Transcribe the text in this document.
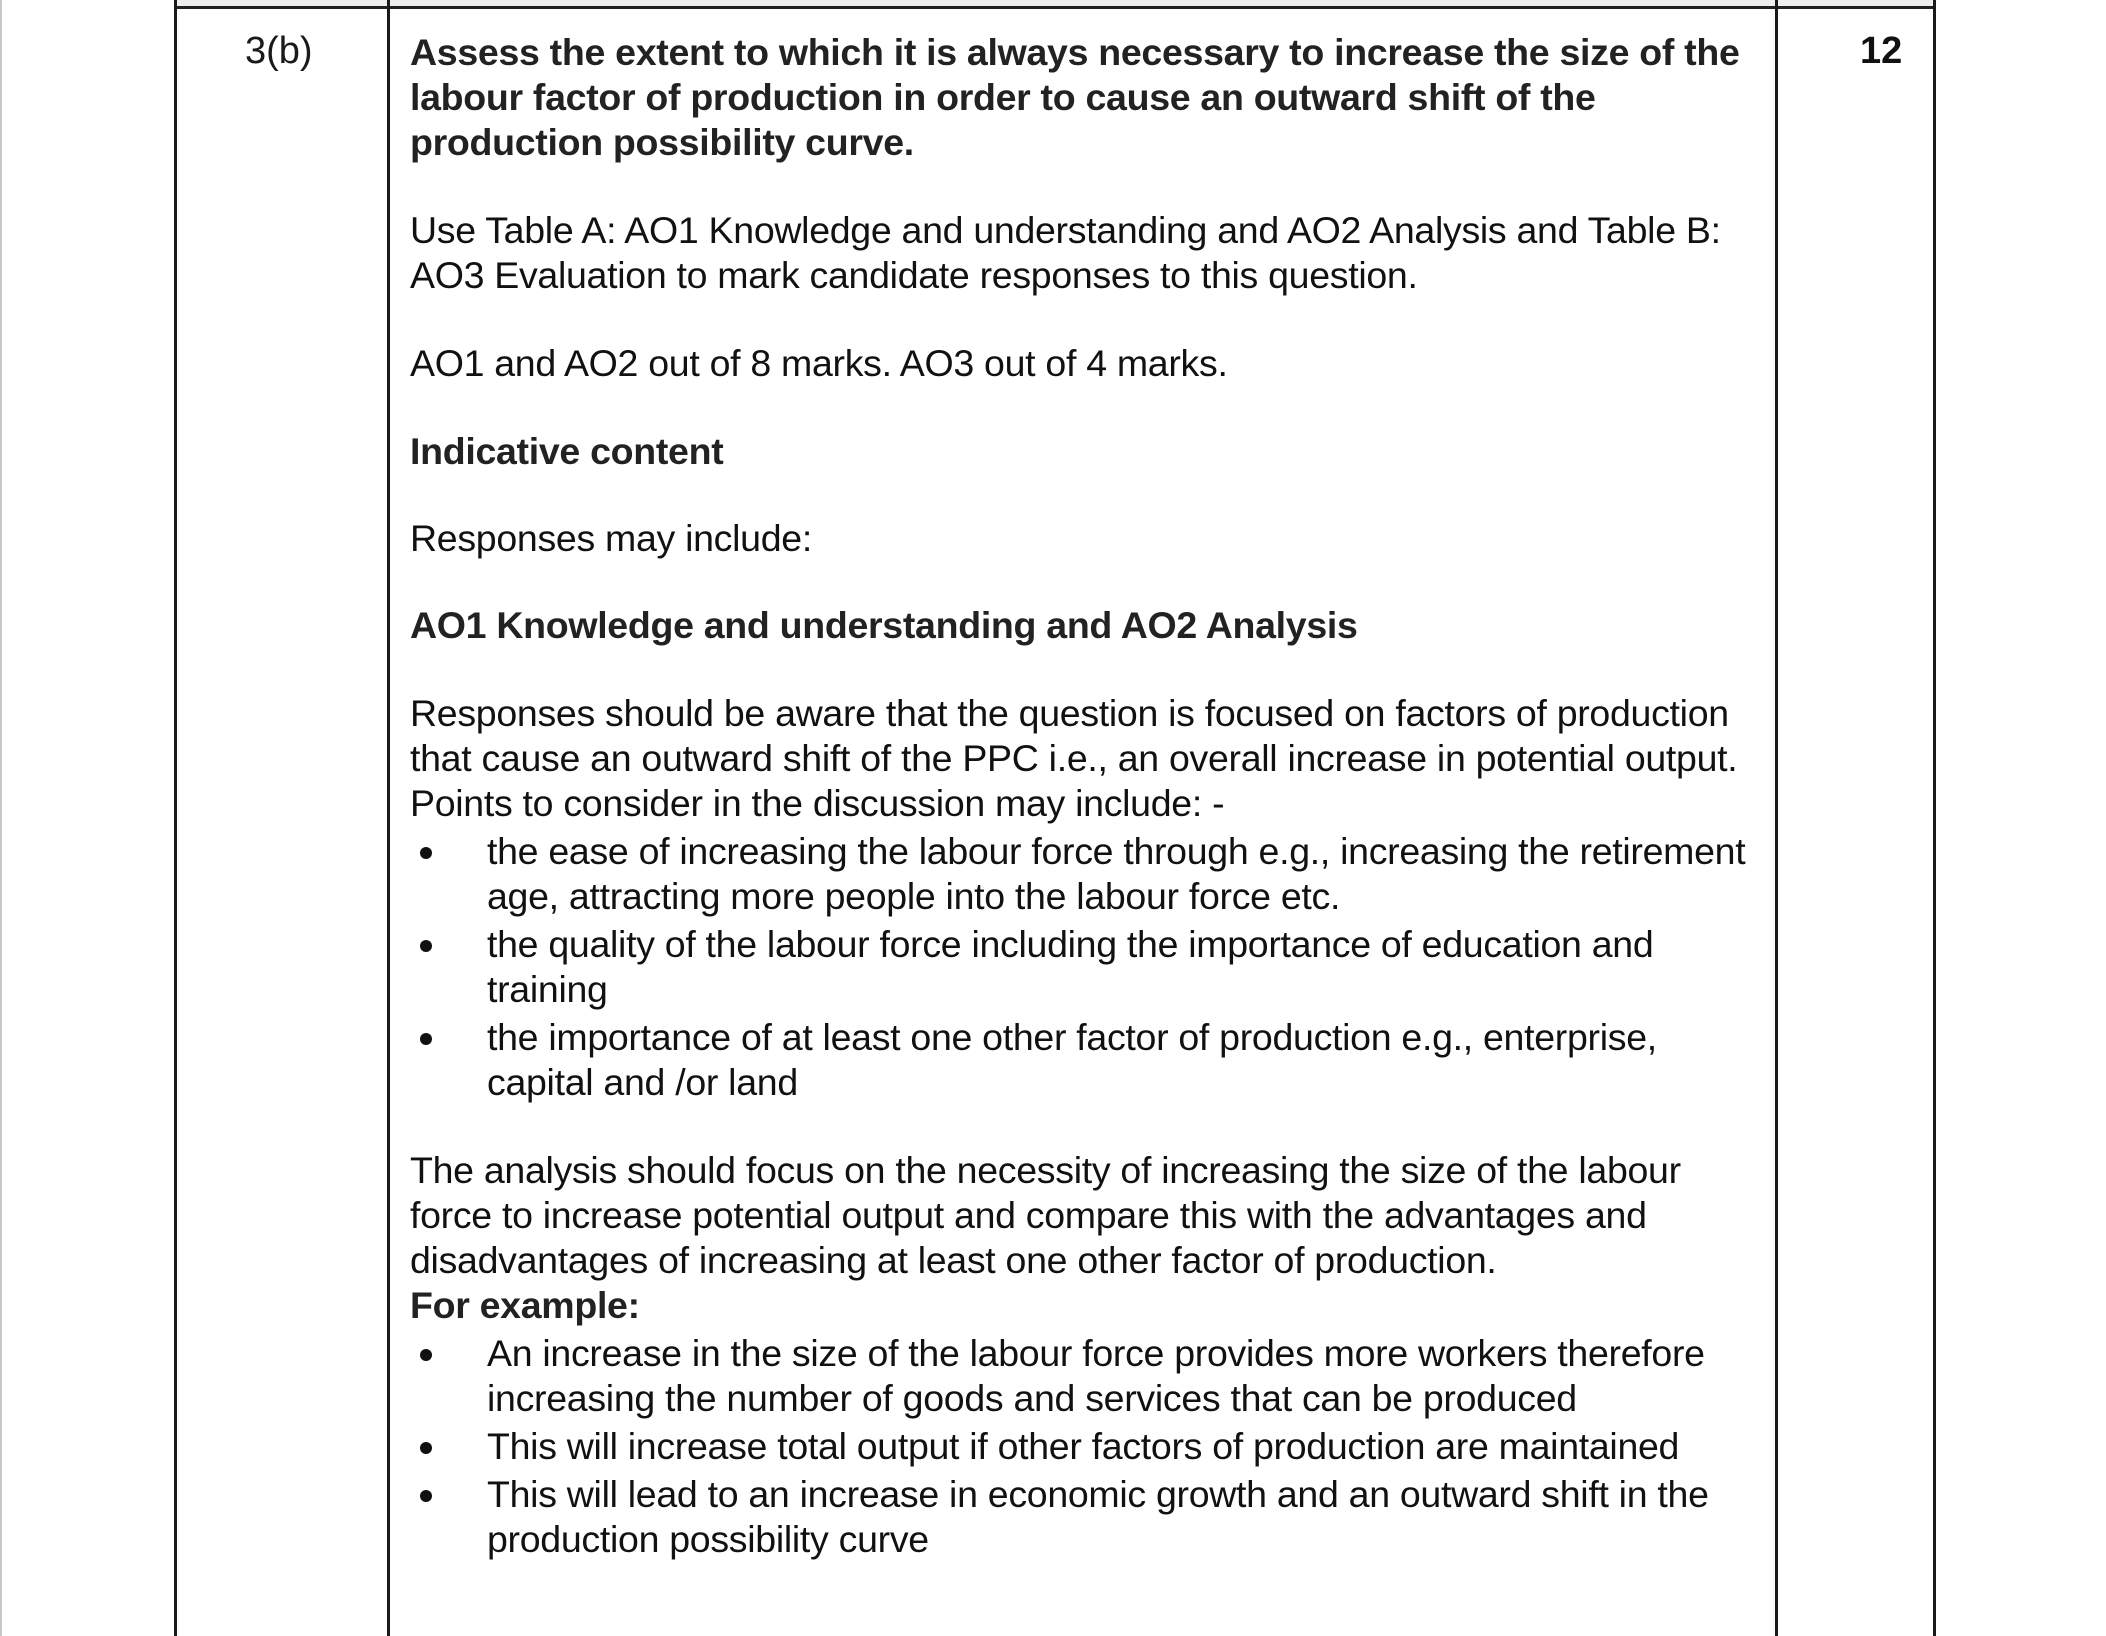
3(b)	12

Assess the extent to which it is always necessary to increase the size of the labour factor of production in order to cause an outward shift of the production possibility curve.

Use Table A: AO1 Knowledge and understanding and AO2 Analysis and Table B: AO3 Evaluation to mark candidate responses to this question.

AO1 and AO2 out of 8 marks. AO3 out of 4 marks.

Indicative content

Responses may include:

AO1 Knowledge and understanding and AO2 Analysis

Responses should be aware that the question is focused on factors of production that cause an outward shift of the PPC i.e., an overall increase in potential output. Points to consider in the discussion may include: -

the ease of increasing the labour force through e.g., increasing the retirement age, attracting more people into the labour force etc.
the quality of the labour force including the importance of education and training
the importance of at least one other factor of production e.g., enterprise, capital and /or land

The analysis should focus on the necessity of increasing the size of the labour force to increase potential output and compare this with the advantages and disadvantages of increasing at least one other factor of production.

For example:

An increase in the size of the labour force provides more workers therefore increasing the number of goods and services that can be produced
This will increase total output if other factors of production are maintained
This will lead to an increase in economic growth and an outward shift in the production possibility curve
